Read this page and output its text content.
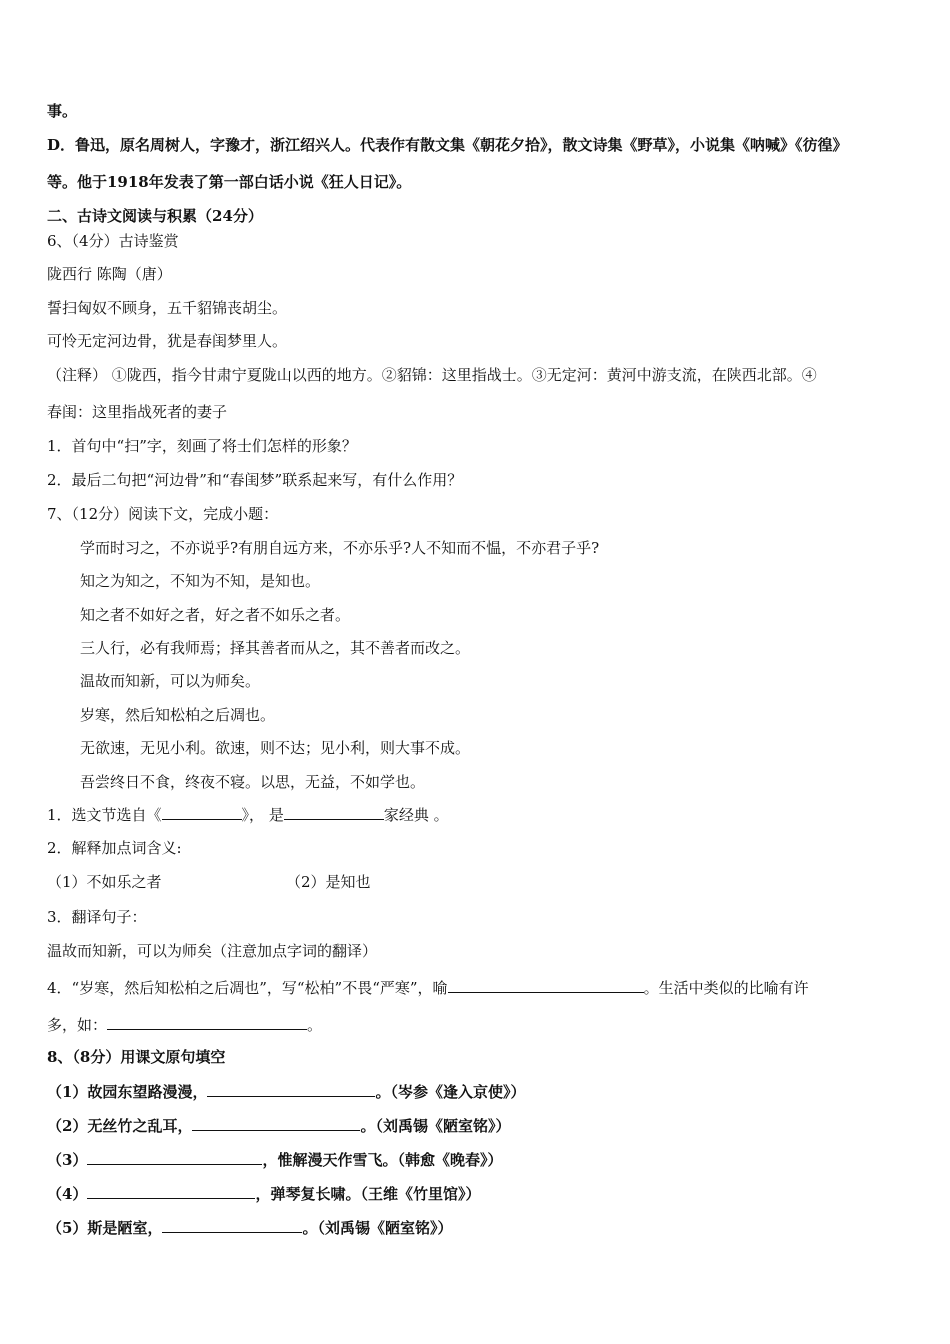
事。
D．鲁迅，原名周树人，字豫才，浙江绍兴人。代表作有散文集《朝花夕拾》，散文诗集《野草》，小说集《呐喊》《彷徨》
等。他于1918年发表了第一部白话小说《狂人日记》。
二、古诗文阅读与积累（24分）
6、（4分）古诗鉴赏
陇西行 陈陶（唐）
誓扫匈奴不顾身，五千貂锦丧胡尘。
可怜无定河边骨，犹是春闺梦里人。
（注释） ①陇西，指今甘肃宁夏陇山以西的地方。②貂锦：这里指战士。③无定河：黄河中游支流，在陕西北部。④
春闺：这里指战死者的妻子
1．首句中“扫”字，刻画了将士们怎样的形象？
2．最后二句把“河边骨”和“春闺梦”联系起来写，有什么作用？
7、（12分）阅读下文，完成小题：
学而时习之，不亦说乎?有朋自远方来，不亦乐乎?人不知而不愠，不亦君子乎?
知之为知之，不知为不知，是知也。
知之者不如好之者，好之者不如乐之者。
三人行，必有我师焉；择其善者而从之，其不善者而改之。
温故而知新，可以为师矣。
岁寒，然后知松柏之后凋也。
无欲速，无见小利。欲速，则不达；见小利，则大事不成。
吾尝终日不食，终夜不寝。以思，无益，不如学也。
1．选文节选自《	》， 是	家经典 。
2．解释加点词含义:
（1）不如乐之者	（2）是知也
3．翻译句子：
温故而知新，可以为师矣（注意加点字词的翻译）
4．“岁寒，然后知松柏之后凋也”，写“松柏”不畏“严寒”，喻	。生活中类似的比喻有许
多，如：	。
8、（8分）用课文原句填空
（1）故园东望路漫漫，	。（岑参《逢入京使》）
（2）无丝竹之乱耳，	。（刘禹锡《陋室铭》）
（3）	，惟解漫天作雪飞。（韩愈《晚春》）
（4）	，弹琴复长啸。（王维《竹里馆》）
（5）斯是陋室，	。（刘禹锡《陋室铭》）
